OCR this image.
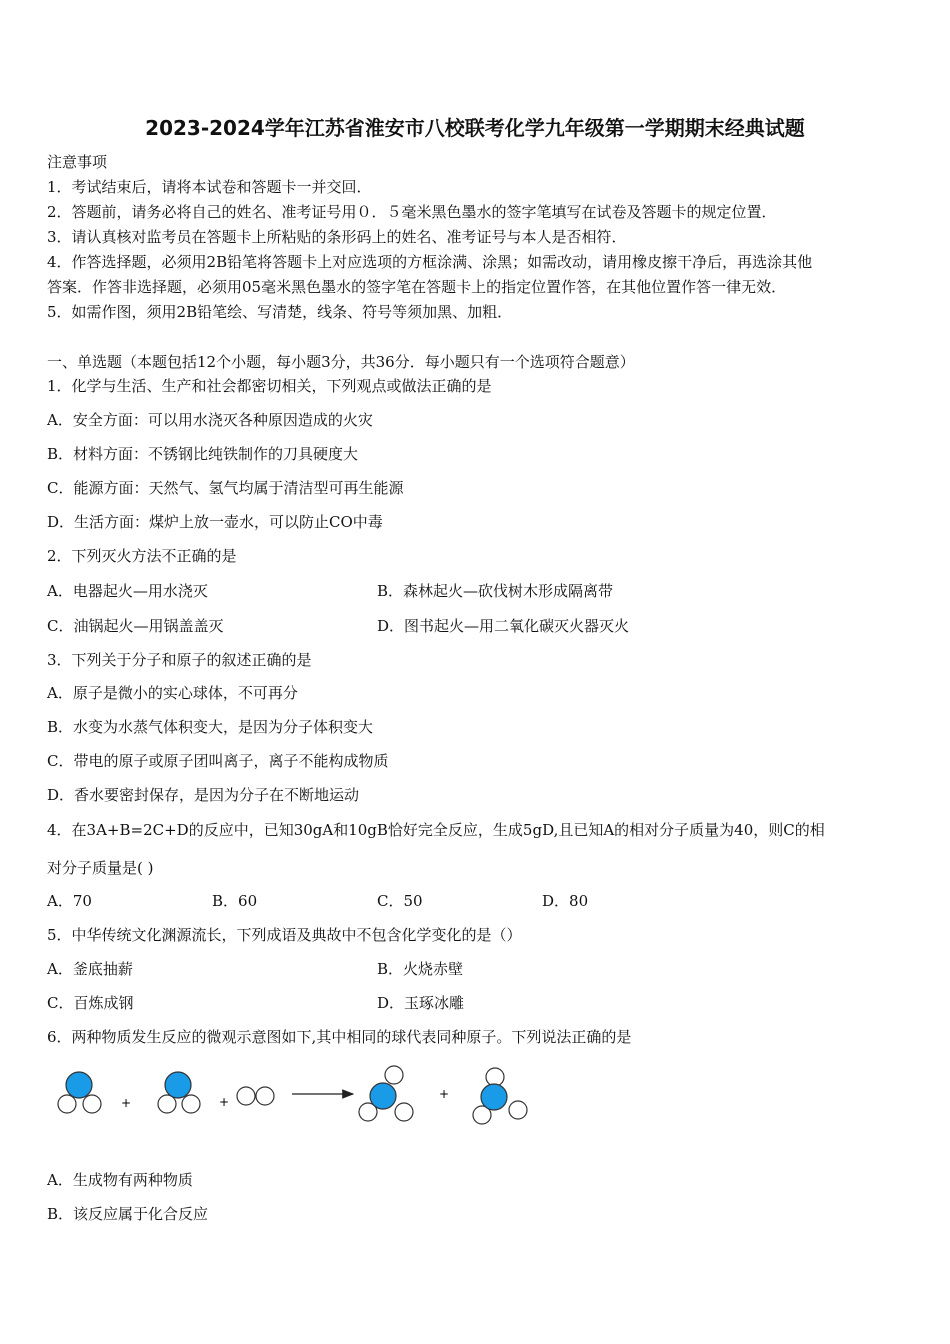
2023-2024学年江苏省淮安市八校联考化学九年级第一学期期末经典试题
注意事项
1．考试结束后，请将本试卷和答题卡一并交回．
2．答题前，请务必将自己的姓名、准考证号用０．５毫米黑色墨水的签字笔填写在试卷及答题卡的规定位置．
3．请认真核对监考员在答题卡上所粘贴的条形码上的姓名、准考证号与本人是否相符．
4．作答选择题，必须用2B铅笔将答题卡上对应选项的方框涂满、涂黑；如需改动，请用橡皮擦干净后，再选涂其他
答案．作答非选择题，必须用05毫米黑色墨水的签字笔在答题卡上的指定位置作答，在其他位置作答一律无效．
5．如需作图，须用2B铅笔绘、写清楚，线条、符号等须加黑、加粗．
一、单选题（本题包括12个小题，每小题3分，共36分．每小题只有一个选项符合题意）
1．化学与生活、生产和社会都密切相关，下列观点或做法正确的是
A．安全方面：可以用水浇灭各种原因造成的火灾
B．材料方面：不锈钢比纯铁制作的刀具硬度大
C．能源方面：天然气、氢气均属于清洁型可再生能源
D．生活方面：煤炉上放一壶水，可以防止CO中毒
2．下列灭火方法不正确的是
A．电器起火—用水浇灭	B．森林起火—砍伐树木形成隔离带
C．油锅起火—用锅盖盖灭	D．图书起火—用二氧化碳灭火器灭火
3．下列关于分子和原子的叙述正确的是
A．原子是微小的实心球体，不可再分
B．水变为水蒸气体积变大，是因为分子体积变大
C．带电的原子或原子团叫离子，离子不能构成物质
D．香水要密封保存，是因为分子在不断地运动
4．在3A+B=2C+D的反应中，已知30gA和10gB恰好完全反应，生成5gD,且已知A的相对分子质量为40，则C的相
对分子质量是( )
A．70	B．60	C．50	D．80
5．中华传统文化渊源流长，下列成语及典故中不包含化学变化的是（）
A．釜底抽薪	B．火烧赤壁
C．百炼成钢	D．玉琢冰雕
6．两种物质发生反应的微观示意图如下,其中相同的球代表同种原子。下列说法正确的是
+	+
+
A．生成物有两种物质
B．该反应属于化合反应
